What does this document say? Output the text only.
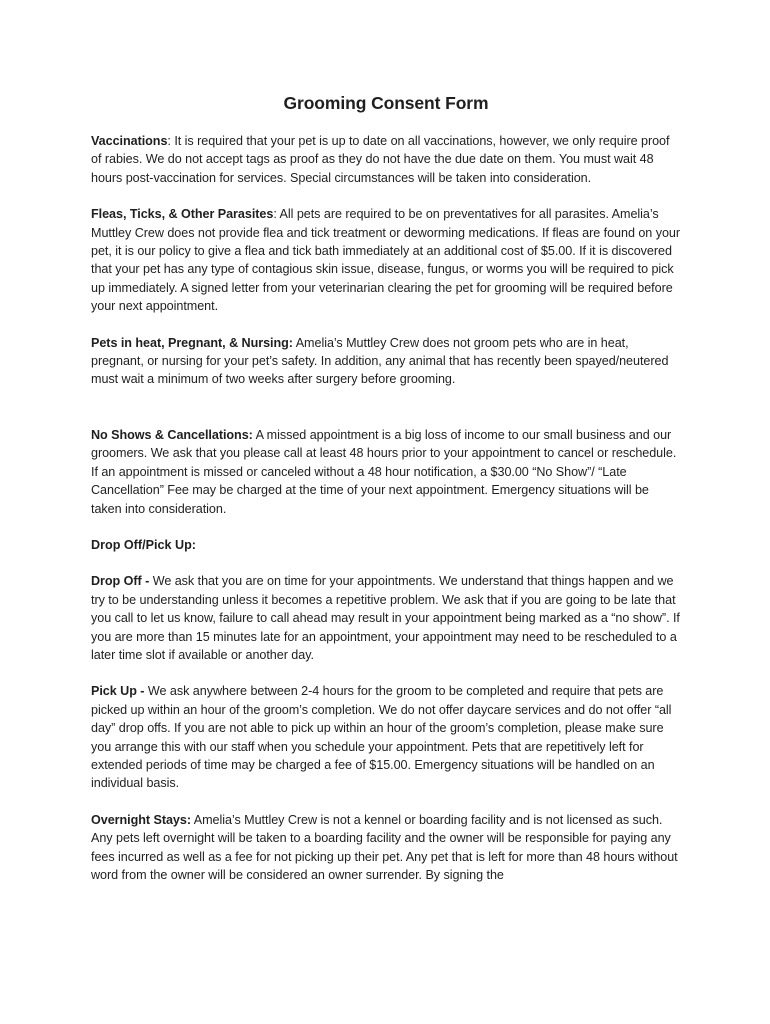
Grooming Consent Form

Vaccinations: It is required that your pet is up to date on all vaccinations, however, we only require proof of rabies. We do not accept tags as proof as they do not have the due date on them. You must wait 48 hours post-vaccination for services. Special circumstances will be taken into consideration.

Fleas, Ticks, & Other Parasites: All pets are required to be on preventatives for all parasites. Amelia’s Muttley Crew does not provide flea and tick treatment or deworming medications. If fleas are found on your pet, it is our policy to give a flea and tick bath immediately at an additional cost of $5.00. If it is discovered that your pet has any type of contagious skin issue, disease, fungus, or worms you will be required to pick up immediately. A signed letter from your veterinarian clearing the pet for grooming will be required before your next appointment.

Pets in heat, Pregnant, & Nursing: Amelia’s Muttley Crew does not groom pets who are in heat, pregnant, or nursing for your pet’s safety. In addition, any animal that has recently been spayed/neutered must wait a minimum of two weeks after surgery before grooming.

No Shows & Cancellations: A missed appointment is a big loss of income to our small business and our groomers. We ask that you please call at least 48 hours prior to your appointment to cancel or reschedule. If an appointment is missed or canceled without a 48 hour notification, a $30.00 “No Show”/ “Late Cancellation” Fee may be charged at the time of your next appointment. Emergency situations will be taken into consideration.

Drop Off/Pick Up:

Drop Off - We ask that you are on time for your appointments. We understand that things happen and we try to be understanding unless it becomes a repetitive problem. We ask that if you are going to be late that you call to let us know, failure to call ahead may result in your appointment being marked as a “no show”. If you are more than 15 minutes late for an appointment, your appointment may need to be rescheduled to a later time slot if available or another day.

Pick Up - We ask anywhere between 2-4 hours for the groom to be completed and require that pets are picked up within an hour of the groom’s completion. We do not offer daycare services and do not offer “all day” drop offs. If you are not able to pick up within an hour of the groom’s completion, please make sure you arrange this with our staff when you schedule your appointment. Pets that are repetitively left for extended periods of time may be charged a fee of $15.00. Emergency situations will be handled on an individual basis.

Overnight Stays: Amelia’s Muttley Crew is not a kennel or boarding facility and is not licensed as such. Any pets left overnight will be taken to a boarding facility and the owner will be responsible for paying any fees incurred as well as a fee for not picking up their pet. Any pet that is left for more than 48 hours without word from the owner will be considered an owner surrender. By signing the
